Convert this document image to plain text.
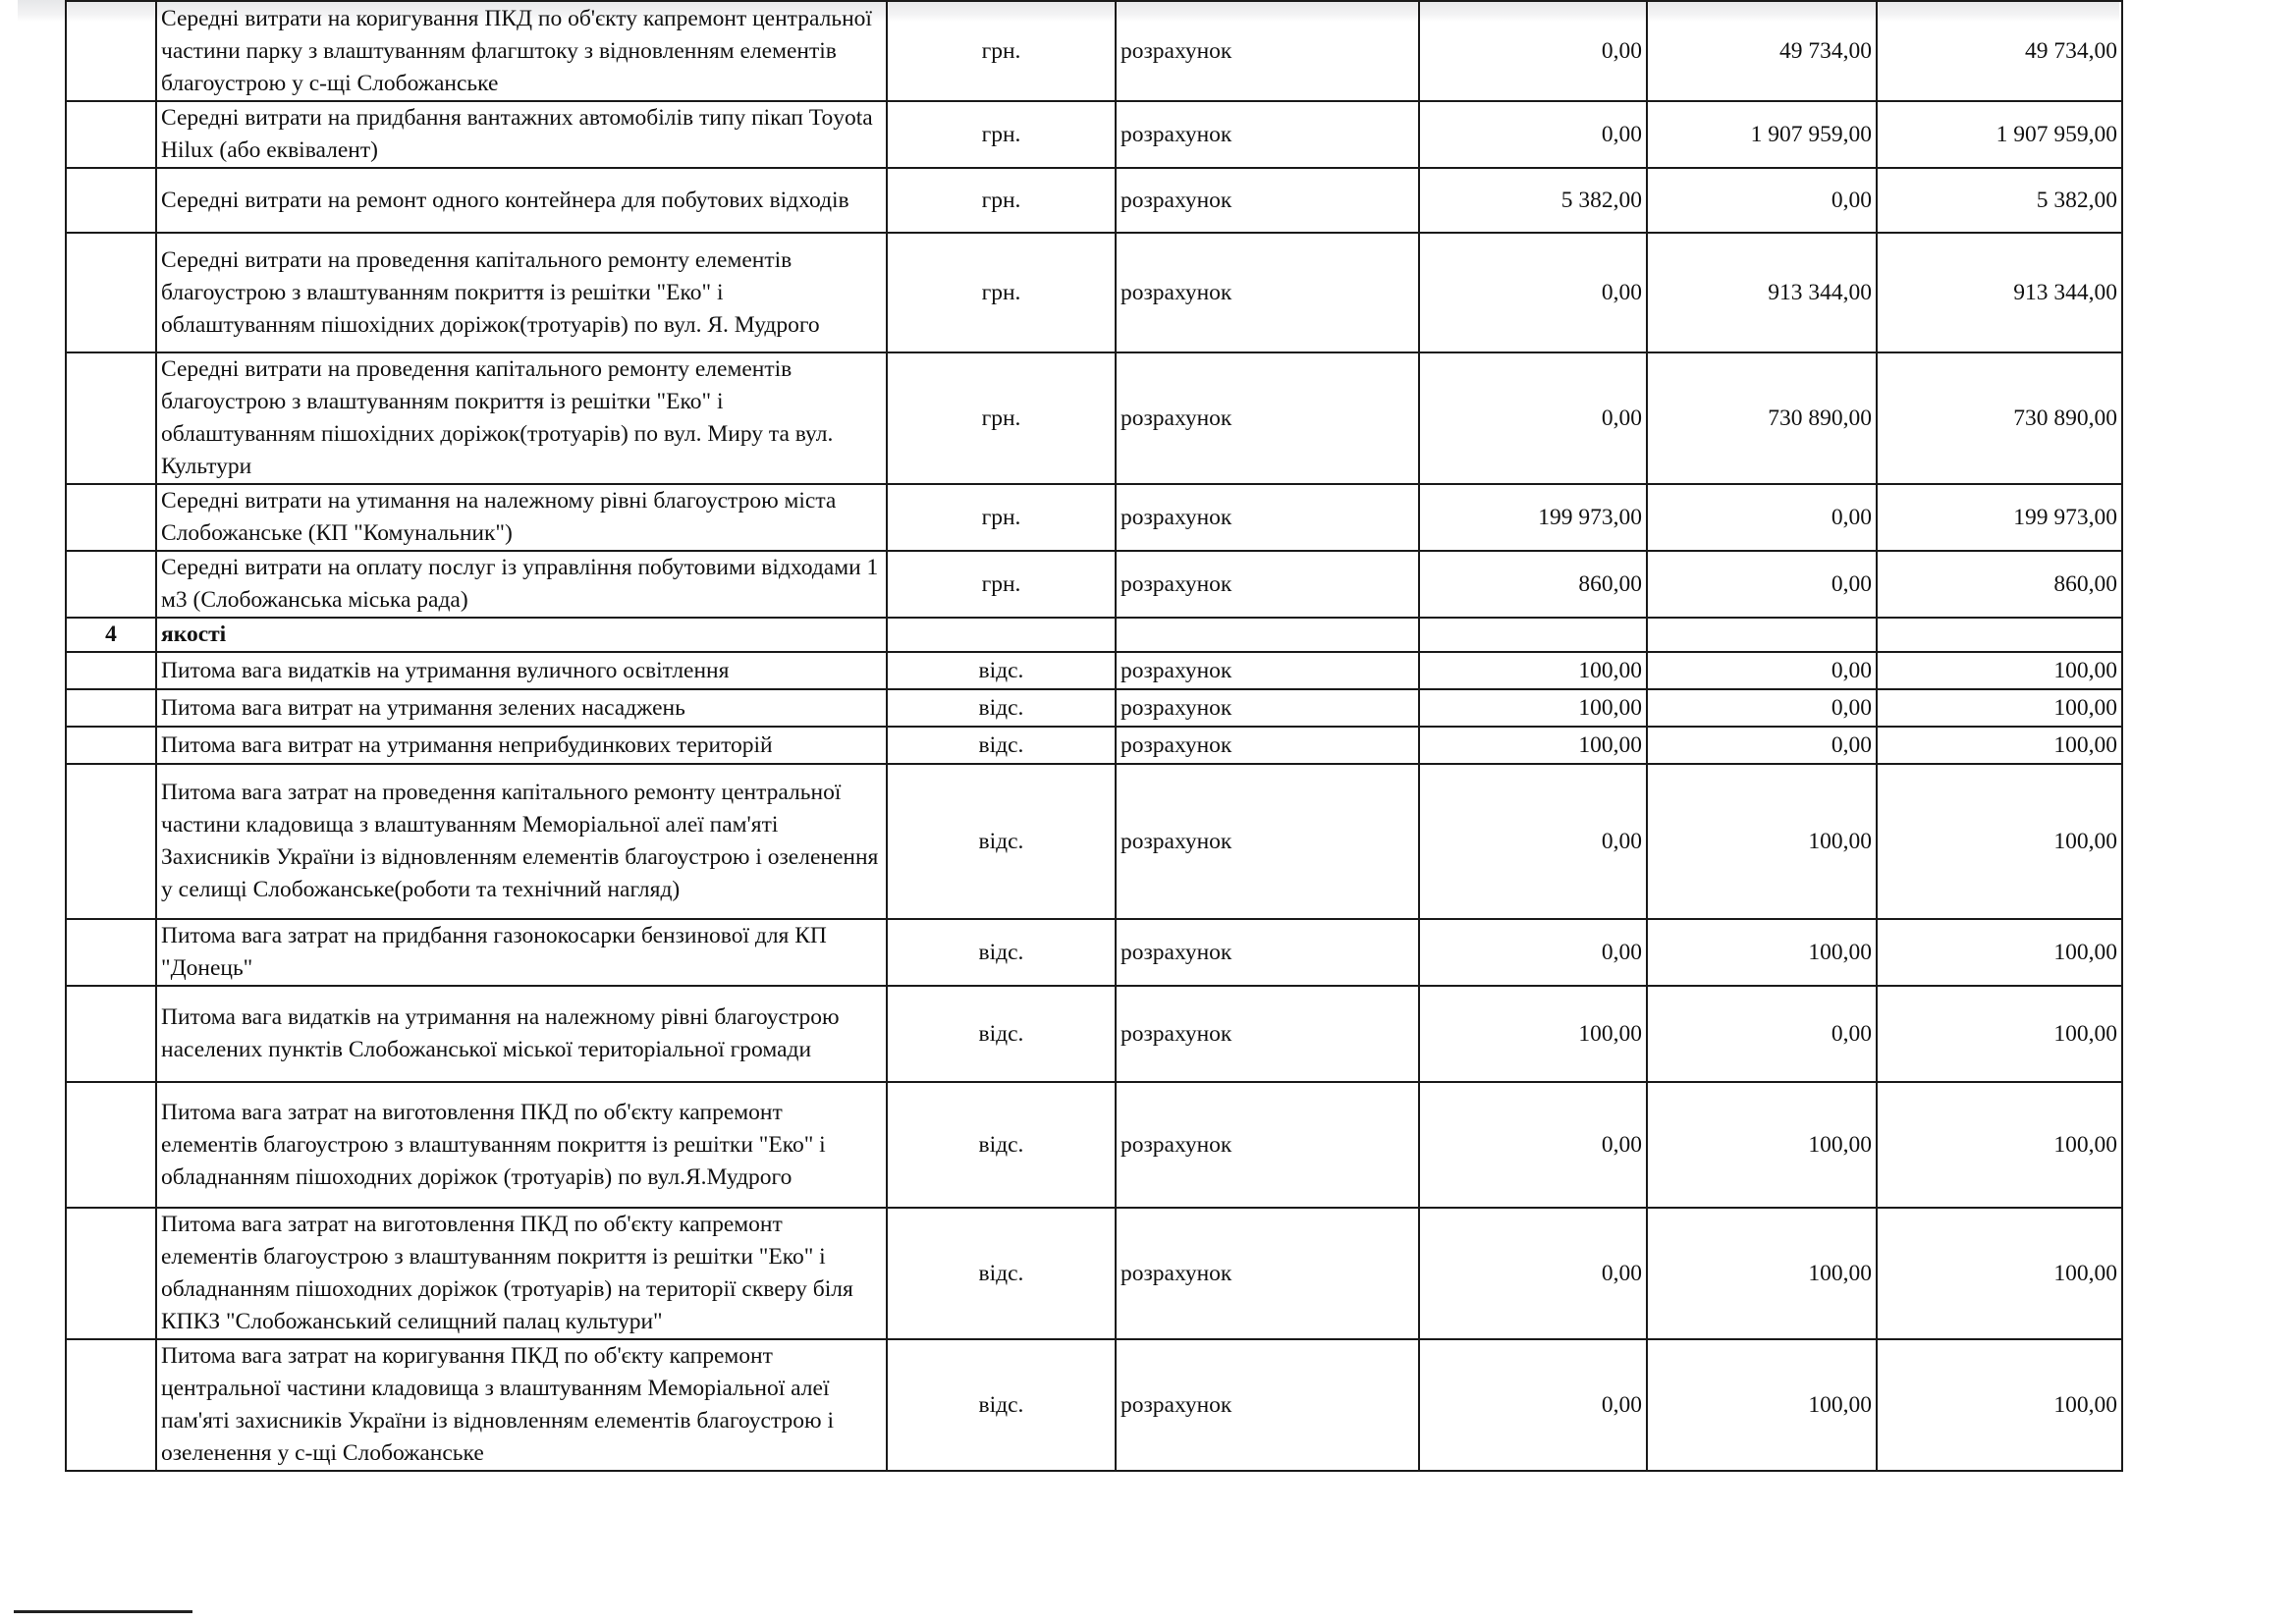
	Середні витрати на коригування ПКД по об'єкту капремонт центральної частини парку з влаштуванням флагштоку з відновленням елементів благоустрою у с-щі Слобожанське	грн.	розрахунок	0,00	49 734,00	49 734,00
	Середні витрати на придбання вантажних автомобілів типу пікап Toyota Hilux (або еквівалент)	грн.	розрахунок	0,00	1 907 959,00	1 907 959,00
	Середні витрати на ремонт одного контейнера для побутових відходів	грн.	розрахунок	5 382,00	0,00	5 382,00
	Середні витрати на проведення капітального ремонту елементів благоустрою з влаштуванням покриття із решітки "Еко" і облаштуванням пішохідних доріжок(тротуарів) по вул. Я. Мудрого	грн.	розрахунок	0,00	913 344,00	913 344,00
	Середні витрати на проведення капітального ремонту елементів благоустрою з влаштуванням покриття із решітки "Еко" і облаштуванням пішохідних доріжок(тротуарів) по вул. Миру та вул. Культури	грн.	розрахунок	0,00	730 890,00	730 890,00
	Середні витрати на утимання на належному рівні благоустрою міста Слобожанське (КП "Комунальник")	грн.	розрахунок	199 973,00	0,00	199 973,00
	Середні витрати на оплату послуг із управління побутовими відходами 1 м3 (Слобожанська міська рада)	грн.	розрахунок	860,00	0,00	860,00
4	якості					
	Питома вага видатків на утримання вуличного освітлення	відс.	розрахунок	100,00	0,00	100,00
	Питома вага витрат на утримання зелених насаджень	відс.	розрахунок	100,00	0,00	100,00
	Питома вага витрат на утримання неприбудинкових територій	відс.	розрахунок	100,00	0,00	100,00
	Питома вага затрат на проведення капітального ремонту центральної частини кладовища з влаштуванням Меморіальної алеї пам'яті Захисників України із відновленням елементів благоустрою і озеленення у селищі Слобожанське(роботи та технічний нагляд)	відс.	розрахунок	0,00	100,00	100,00
	Питома вага затрат на придбання газонокосарки бензинової для КП "Донець"	відс.	розрахунок	0,00	100,00	100,00
	Питома вага видатків на утримання на належному рівні благоустрою населених пунктів Слобожанської міської територіальної громади	відс.	розрахунок	100,00	0,00	100,00
	Питома вага затрат на виготовлення ПКД по об'єкту капремонт елементів благоустрою з влаштуванням покриття із решітки "Еко" і обладнанням пішоходних доріжок (тротуарів) по вул.Я.Мудрого	відс.	розрахунок	0,00	100,00	100,00
	Питома вага затрат на виготовлення ПКД по об'єкту капремонт елементів благоустрою з влаштуванням покриття із решітки "Еко" і обладнанням пішоходних доріжок (тротуарів) на території скверу біля КПКЗ "Слобожанський селищний палац культури"	відс.	розрахунок	0,00	100,00	100,00
	Питома вага затрат на коригування ПКД по об'єкту капремонт центральної частини кладовища з влаштуванням Меморіальної алеї пам'яті захисників України із відновленням елементів благоустрою і озеленення у с-щі Слобожанське	відс.	розрахунок	0,00	100,00	100,00
